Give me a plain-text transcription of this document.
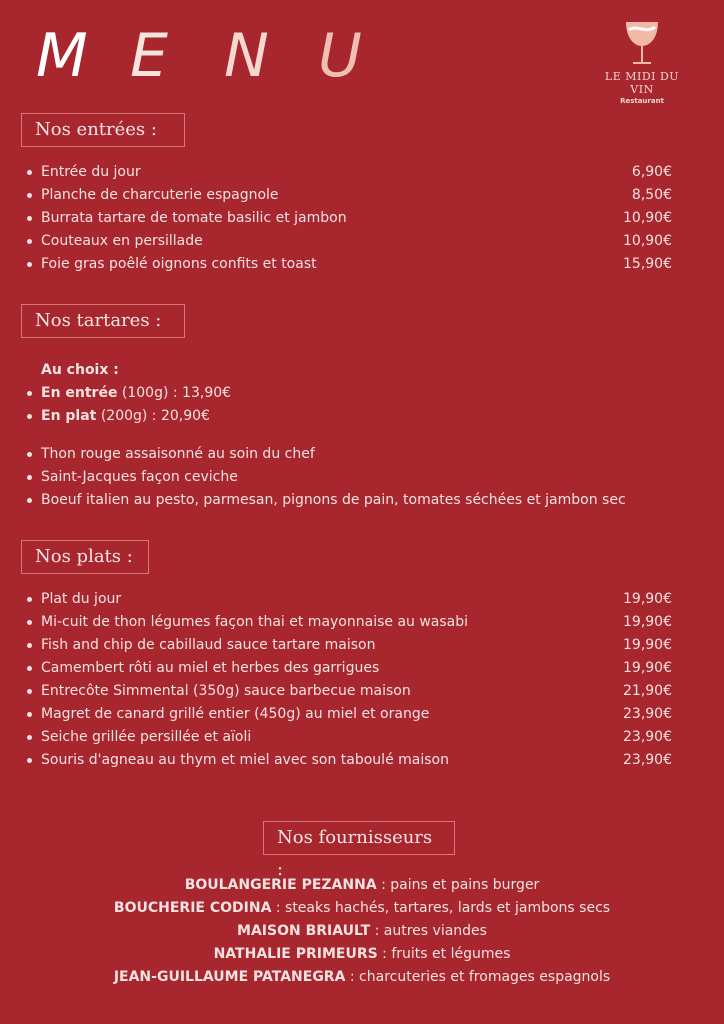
M E N U	LE MIDI DU VIN
Restaurant
Nos entrées :
Entrée du jour	6,90€
Planche de charcuterie espagnole	8,50€
Burrata tartare de tomate basilic et jambon	10,90€
Couteaux en persillade	10,90€
Foie gras poêlé oignons confits et toast	15,90€
Nos tartares :
Au choix :
En entrée (100g) : 13,90€
En plat (200g) : 20,90€
Thon rouge assaisonné au soin du chef
Saint-Jacques façon ceviche
Boeuf italien au pesto, parmesan, pignons de pain, tomates séchées et jambon sec
Nos plats :
Plat du jour	19,90€
Mi-cuit de thon légumes façon thai et mayonnaise au wasabi	19,90€
Fish and chip de cabillaud sauce tartare maison	19,90€
Camembert rôti au miel et herbes des garrigues	19,90€
Entrecôte Simmental (350g) sauce barbecue maison	21,90€
Magret de canard grillé entier (450g) au miel et orange	23,90€
Seiche grillée persillée et aïoli	23,90€
Souris d'agneau au thym et miel avec son taboulé maison	23,90€
Nos fournisseurs :
BOULANGERIE PEZANNA : pains et pains burger
BOUCHERIE CODINA : steaks hachés, tartares, lards et jambons secs
MAISON BRIAULT : autres viandes
NATHALIE PRIMEURS : fruits et légumes
JEAN-GUILLAUME PATANEGRA : charcuteries et fromages espagnols
